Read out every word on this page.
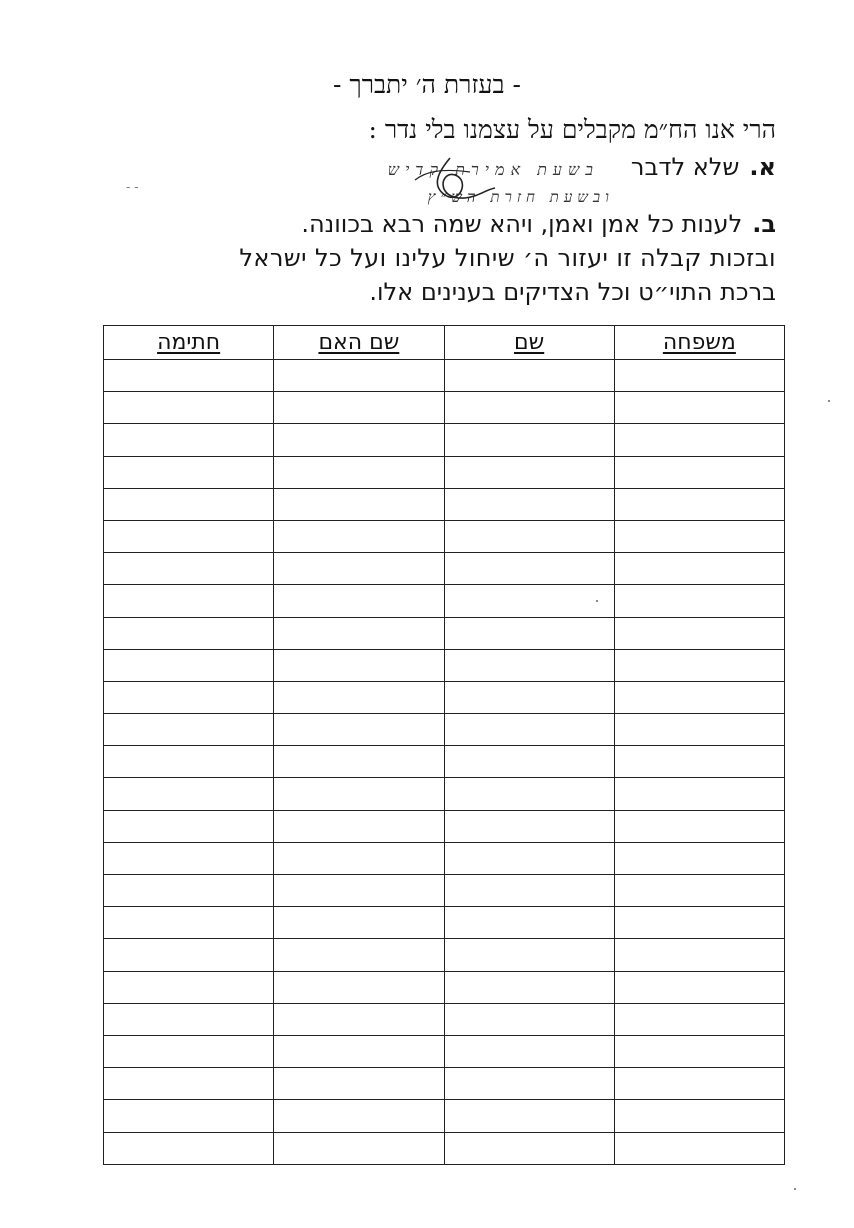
- בעזרת ה׳ יתברך -
הרי אנו הח״מ מקבלים על עצמנו בלי נדר :
א.שלא לדבר
בשעת אמירת קדיש
ובשעת חזרת הש״ץ
- -
ב.לענות כל אמן ואמן, ויהא שמה רבא בכוונה.
ובזכות קבלה זו יעזור ה׳ שיחול עלינו ועל כל ישראל
ברכת התוי״ט וכל הצדיקים בענינים אלו.
משפחה	שם	שם האם	חתימה
